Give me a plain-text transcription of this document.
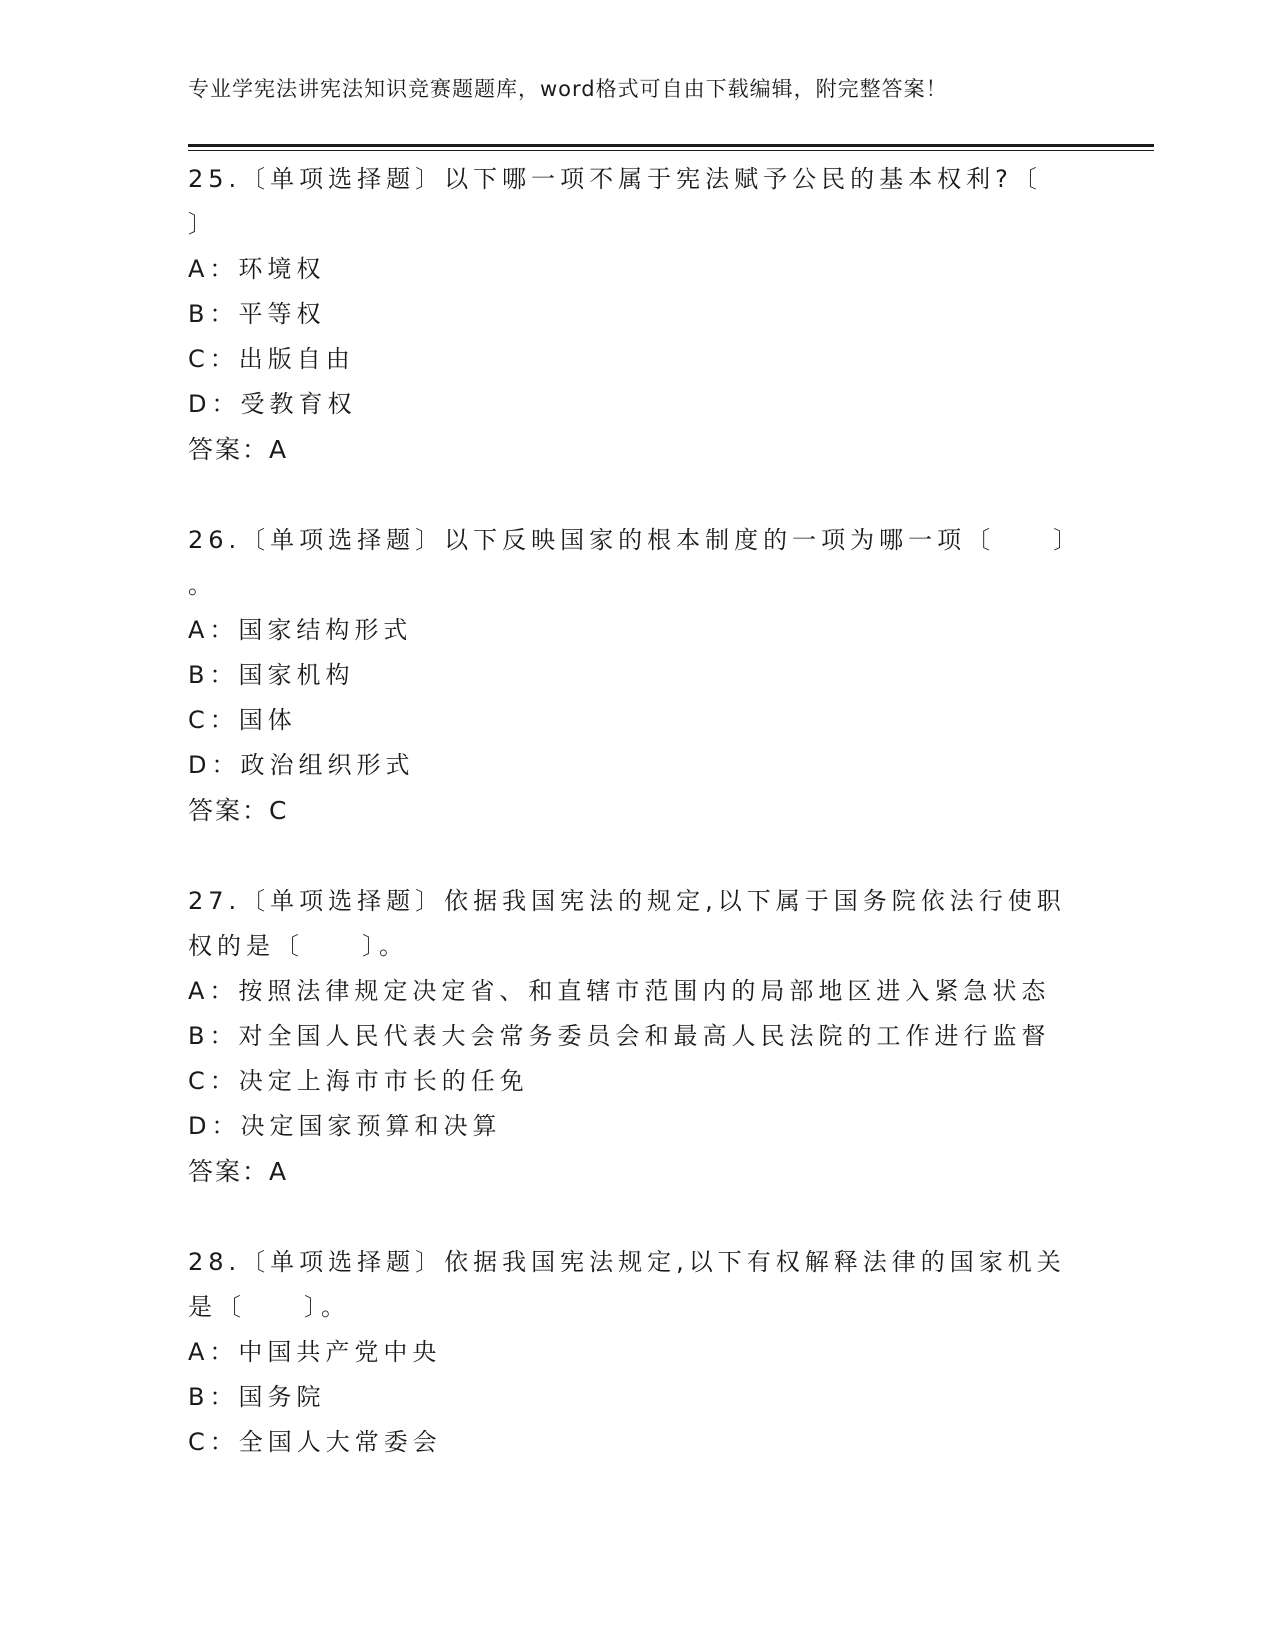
专业学宪法讲宪法知识竞赛题题库，word格式可自由下载编辑，附完整答案！
25.〔单项选择题〕以下哪一项不属于宪法赋予公民的基本权利?〔
〕
A：环境权
B：平等权
C：出版自由
D：受教育权
答案：A
26.〔单项选择题〕以下反映国家的根本制度的一项为哪一项〔　　〕
。
A：国家结构形式
B：国家机构
C：国体
D：政治组织形式
答案：C
27.〔单项选择题〕依据我国宪法的规定,以下属于国务院依法行使职
权的是〔　　〕。
A：按照法律规定决定省、和直辖市范围内的局部地区进入紧急状态
B：对全国人民代表大会常务委员会和最高人民法院的工作进行监督
C：决定上海市市长的任免
D：决定国家预算和决算
答案：A
28.〔单项选择题〕依据我国宪法规定,以下有权解释法律的国家机关
是〔　　〕。
A：中国共产党中央
B：国务院
C：全国人大常委会
